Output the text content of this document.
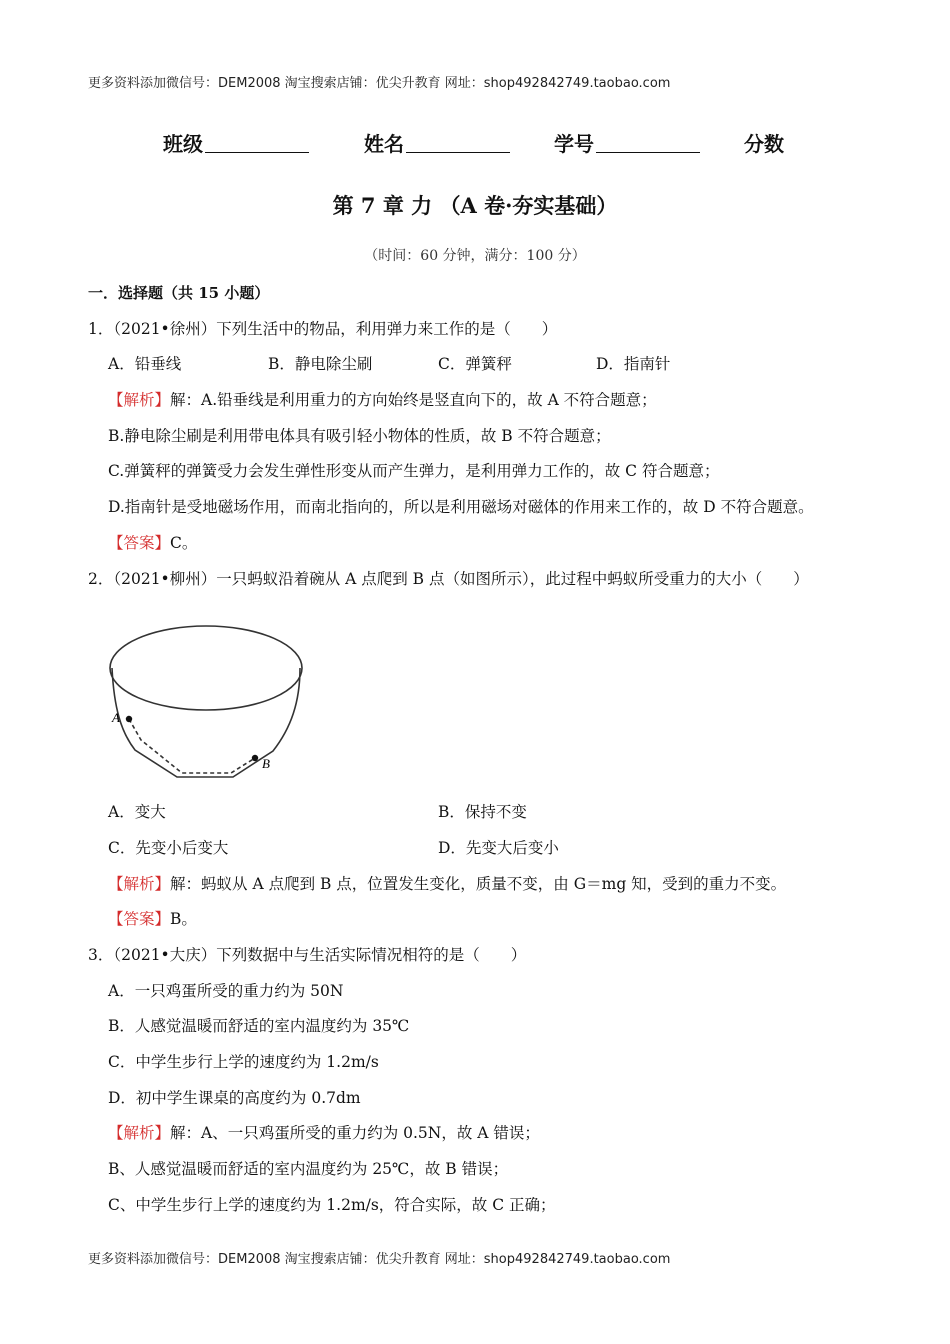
更多资料添加微信号：DEM2008 淘宝搜索店铺：优尖升教育 网址：shop492842749.taobao.com
班级	姓名	学号	分数
第 7 章 力 （A 卷·夯实基础）
（时间：60 分钟，满分：100 分）
一．选择题（共 15 小题）
1．（2021•徐州）下列生活中的物品，利用弹力来工作的是（　　）
A．铅垂线	B．静电除尘刷	C．弹簧秤	D．指南针
【解析】解：A.铅垂线是利用重力的方向始终是竖直向下的，故 A 不符合题意；
B.静电除尘刷是利用带电体具有吸引轻小物体的性质，故 B 不符合题意；
C.弹簧秤的弹簧受力会发生弹性形变从而产生弹力，是利用弹力工作的，故 C 符合题意；
D.指南针是受地磁场作用，而南北指向的，所以是利用磁场对磁体的作用来工作的，故 D 不符合题意。
【答案】C。
2．（2021•柳州）一只蚂蚁沿着碗从 A 点爬到 B 点（如图所示），此过程中蚂蚁所受重力的大小（　　）
A
B
A．变大	B．保持不变
C．先变小后变大	D．先变大后变小
【解析】解：蚂蚁从 A 点爬到 B 点，位置发生变化，质量不变，由 G＝mg 知，受到的重力不变。
【答案】B。
3．（2021•大庆）下列数据中与生活实际情况相符的是（　　）
A．一只鸡蛋所受的重力约为 50N
B．人感觉温暖而舒适的室内温度约为 35℃
C．中学生步行上学的速度约为 1.2m/s
D．初中学生课桌的高度约为 0.7dm
【解析】解：A、一只鸡蛋所受的重力约为 0.5N，故 A 错误；
B、人感觉温暖而舒适的室内温度约为 25℃，故 B 错误；
C、中学生步行上学的速度约为 1.2m/s，符合实际，故 C 正确；
更多资料添加微信号：DEM2008 淘宝搜索店铺：优尖升教育 网址：shop492842749.taobao.com
